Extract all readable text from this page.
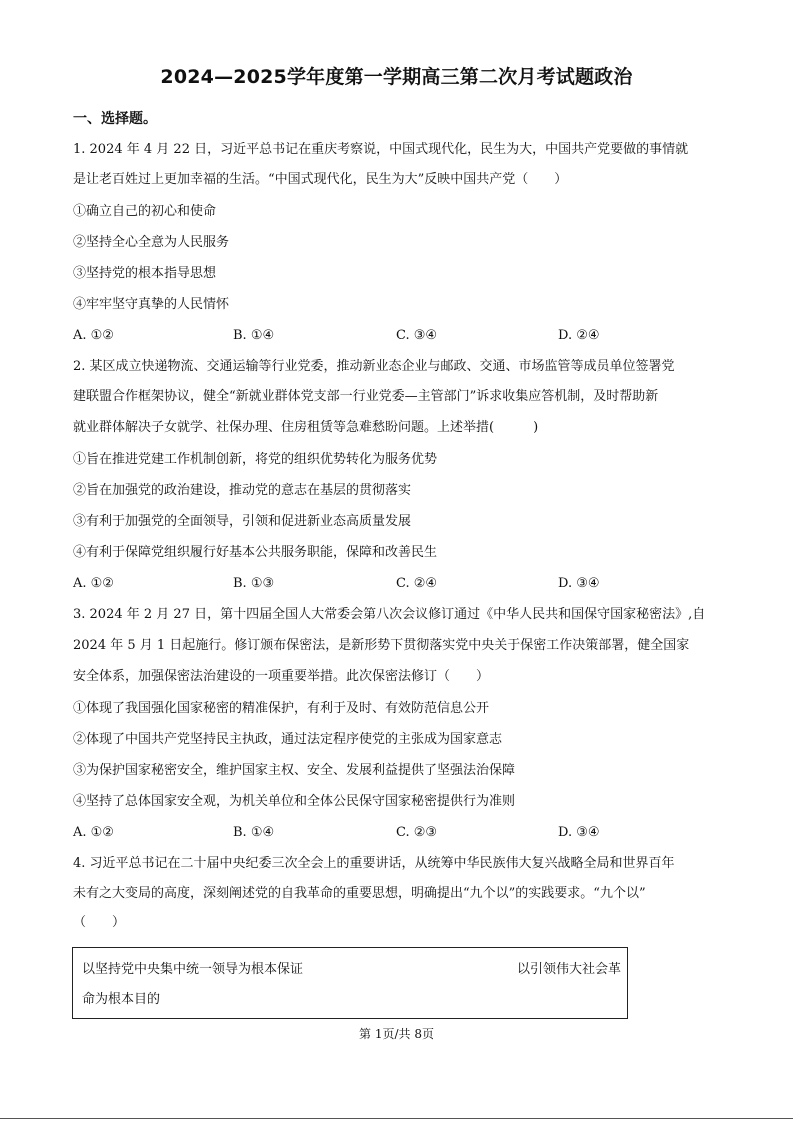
2024—2025学年度第一学期高三第二次月考试题政治
一、选择题。
1. 2024 年 4 月 22 日，习近平总书记在重庆考察说，中国式现代化，民生为大，中国共产党要做的事情就
是让老百姓过上更加幸福的生活。“中国式现代化，民生为大”反映中国共产党（　　）
①确立自己的初心和使命
②坚持全心全意为人民服务
③坚持党的根本指导思想
④牢牢坚守真挚的人民情怀
A. ①②	B. ①④	C. ③④	D. ②④
2. 某区成立快递物流、交通运输等行业党委，推动新业态企业与邮政、交通、市场监管等成员单位签署党
建联盟合作框架协议，健全“新就业群体党支部一行业党委—主管部门”诉求收集应答机制，及时帮助新
就业群体解决子女就学、社保办理、住房租赁等急难愁盼问题。上述举措(　　　)
①旨在推进党建工作机制创新，将党的组织优势转化为服务优势
②旨在加强党的政治建设，推动党的意志在基层的贯彻落实
③有利于加强党的全面领导，引领和促进新业态高质量发展
④有利于保障党组织履行好基本公共服务职能，保障和改善民生
A. ①②	B. ①③	C. ②④	D. ③④
3. 2024 年 2 月 27 日，第十四届全国人大常委会第八次会议修订通过《中华人民共和国保守国家秘密法》,自
2024 年 5 月 1 日起施行。修订颁布保密法，是新形势下贯彻落实党中央关于保密工作决策部署，健全国家
安全体系，加强保密法治建设的一项重要举措。此次保密法修订（　　）
①体现了我国强化国家秘密的精准保护，有利于及时、有效防范信息公开
②体现了中国共产党坚持民主执政，通过法定程序使党的主张成为国家意志
③为保护国家秘密安全，维护国家主权、安全、发展利益提供了坚强法治保障
④坚持了总体国家安全观，为机关单位和全体公民保守国家秘密提供行为准则
A. ①②	B. ①④	C. ②③	D. ③④
4. 习近平总书记在二十届中央纪委三次全会上的重要讲话，从统筹中华民族伟大复兴战略全局和世界百年
未有之大变局的高度，深刻阐述党的自我革命的重要思想，明确提出“九个以”的实践要求。“九个以”
（　　）
以坚持党中央集中统一领导为根本保证	以引领伟大社会革
命为根本目的
第 1页/共 8页
